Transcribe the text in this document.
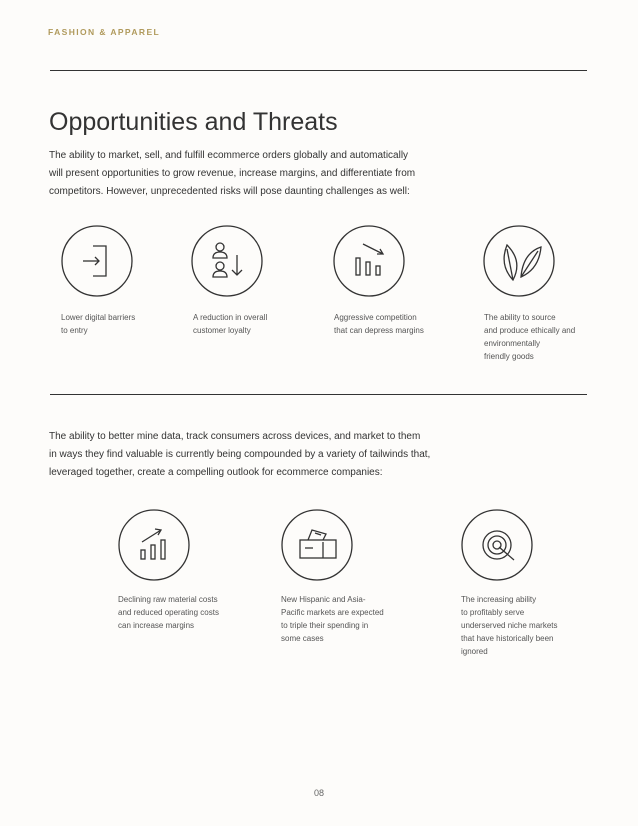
FASHION & APPAREL
Opportunities and Threats

The ability to market, sell, and fulfill ecommerce orders globally and automatically
will present opportunities to grow revenue, increase margins, and differentiate from
competitors. However, unprecedented risks will pose daunting challenges as well:

Lower digital barriers
to entry

A reduction in overall
customer loyalty

Aggressive competition
that can depress margins

The ability to source
and produce ethically and
environmentally
friendly goods

The ability to better mine data, track consumers across devices, and market to them
in ways they find valuable is currently being compounded by a variety of tailwinds that,
leveraged together, create a compelling outlook for ecommerce companies:

Declining raw material costs
and reduced operating costs
can increase margins

New Hispanic and Asia-
Pacific markets are expected
to triple their spending in
some cases

The increasing ability
to profitably serve
underserved niche markets
that have historically been
ignored

08
